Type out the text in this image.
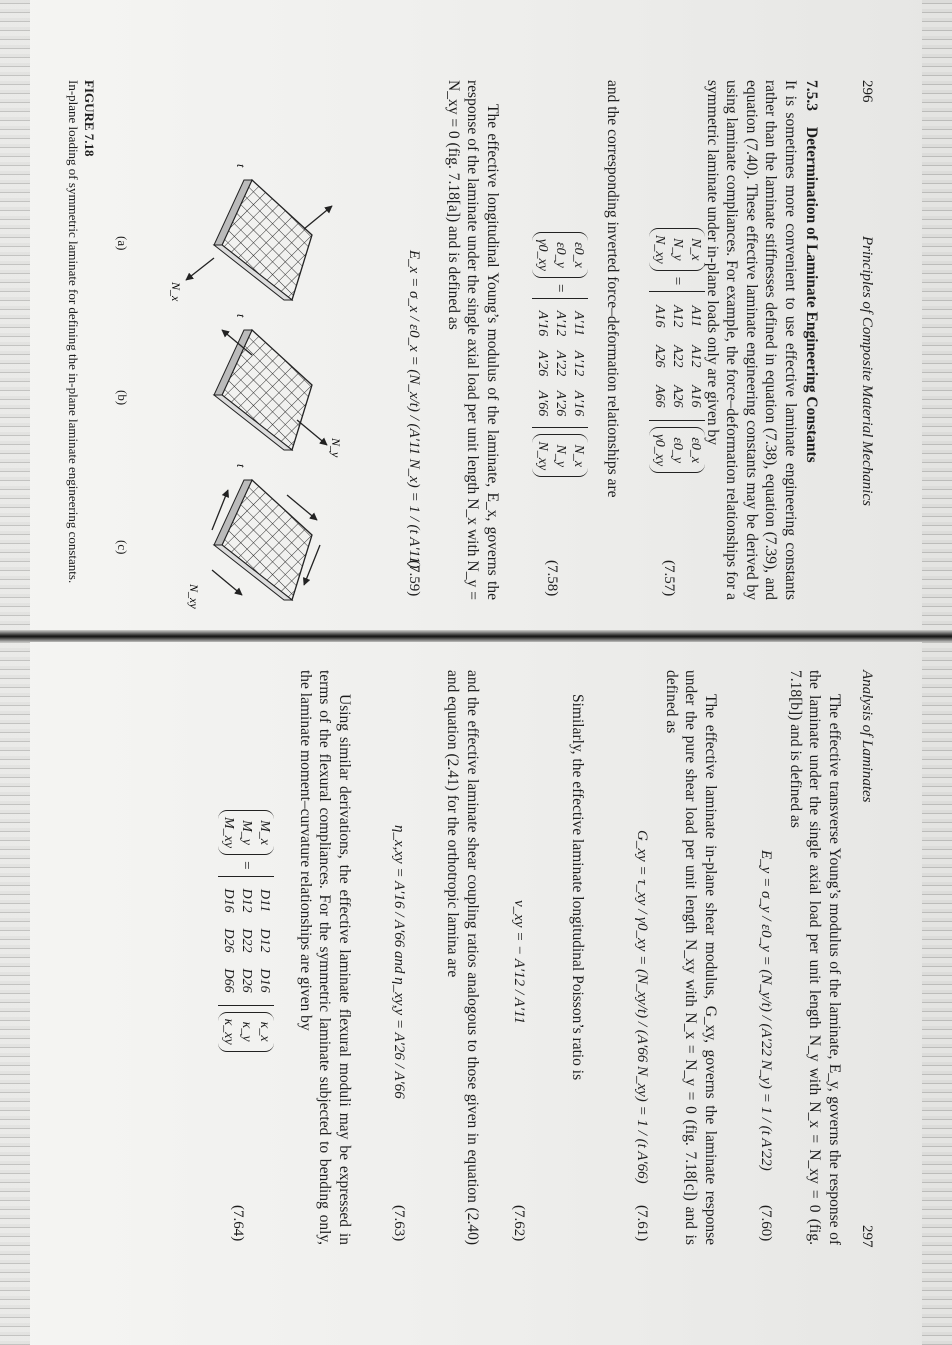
296
Principles of Composite Material Mechanics
7.5.3 Determination of Laminate Engineering Constants

It is sometimes more convenient to use effective laminate engineering constants rather than the laminate stiffnesses defined in equation (7.38), equation (7.39), and equation (7.40). These effective laminate engineering constants may be derived by using laminate compliances. For example, the force–deformation relationships for a symmetric laminate under in-plane loads only are given by

N_x
N_y
N_xy
=
A11
A12
A16
A12
A22
A26
A16
A26
A66
ε0_x
ε0_y
γ0_xy
(7.57)

and the corresponding inverted force–deformation relationships are

ε0_x
ε0_y
γ0_xy
=
A′11
A′12
A′16
A′12
A′22
A′26
A′16
A′26
A′66
N_x
N_y
N_xy
(7.58)

The effective longitudinal Young’s modulus of the laminate, E_x, governs the response of the laminate under the single axial load per unit length N_x with N_y = N_xy = 0 (fig. 7.18[a]) and is defined as

E_x = σ_x / ε0_x = (N_x/t) / (A′11 N_x) = 1 / (t A′11)
(7.59)
N_x
t
N_y
t
N_xy
t
(a)
(b)
(c)
FIGURE 7.18
In-plane loading of symmetric laminate for defining the in-plane laminate engineering constants.
Analysis of Laminates
297

The effective transverse Young’s modulus of the laminate, E_y, governs the response of the laminate under the single axial load per unit length N_y with N_x = N_xy = 0 (fig. 7.18[b]) and is defined as

E_y = σ_y / ε0_y = (N_y/t) / (A′22 N_y) = 1 / (t A′22)
(7.60)

The effective laminate in-plane shear modulus, G_xy, governs the laminate response under the pure shear load per unit length N_xy with N_x = N_y = 0 (fig. 7.18[c]) and is defined as

G_xy = τ_xy / γ0_xy = (N_xy/t) / (A′66 N_xy) = 1 / (t A′66)
(7.61)

Similarly, the effective laminate longitudinal Poisson’s ratio is

ν_xy = − A′12 / A′11
(7.62)

and the effective laminate shear coupling ratios analogous to those given in equation (2.40) and equation (2.41) for the orthotropic lamina are

η_x,xy = A′16 / A′66 and η_xy,y = A′26 / A′66
(7.63)

Using similar derivations, the effective laminate flexural moduli may be expressed in terms of the flexural compliances. For the symmetric laminate subjected to bending only, the laminate moment–curvature relationships are given by

M_x
M_y
M_xy
=
D11
D12
D16
D12
D22
D26
D16
D26
D66
κ_x
κ_y
κ_xy
(7.64)
